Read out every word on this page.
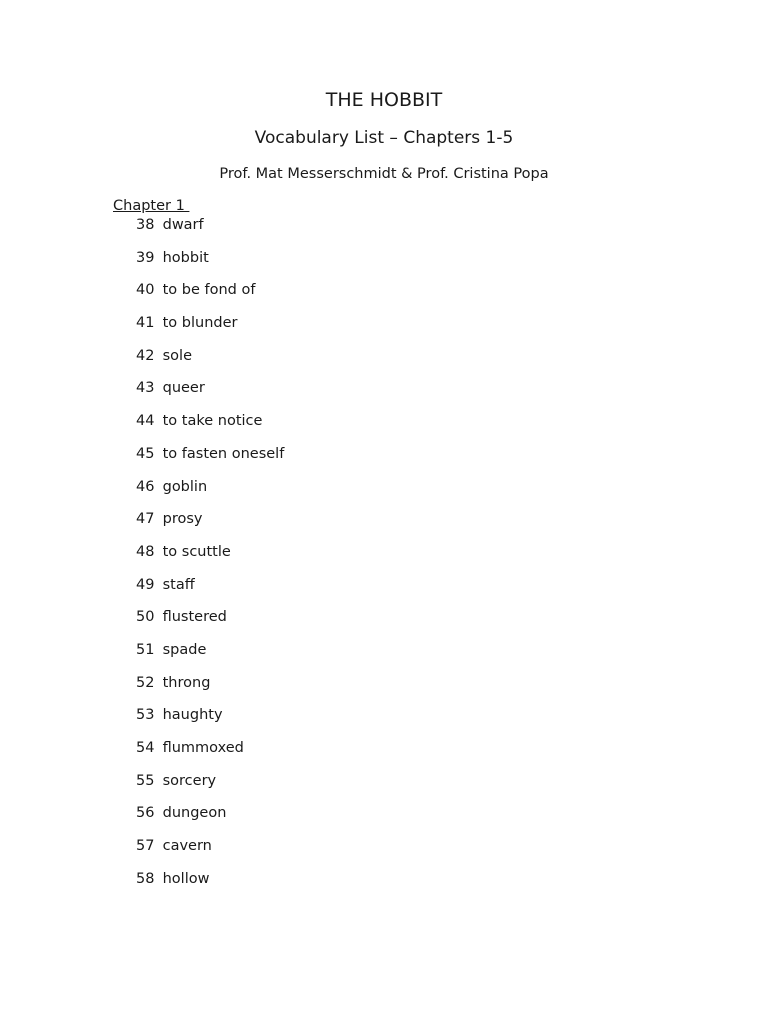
THE HOBBIT
Vocabulary List – Chapters 1-5

Prof. Mat Messerschmidt & Prof. Cristina Popa

Chapter 1

38 dwarf
39 hobbit
40 to be fond of
41 to blunder
42 sole
43 queer
44 to take notice
45 to fasten oneself
46 goblin
47 prosy
48 to scuttle
49 staff
50 flustered
51 spade
52 throng
53 haughty
54 flummoxed
55 sorcery
56 dungeon
57 cavern
58 hollow
